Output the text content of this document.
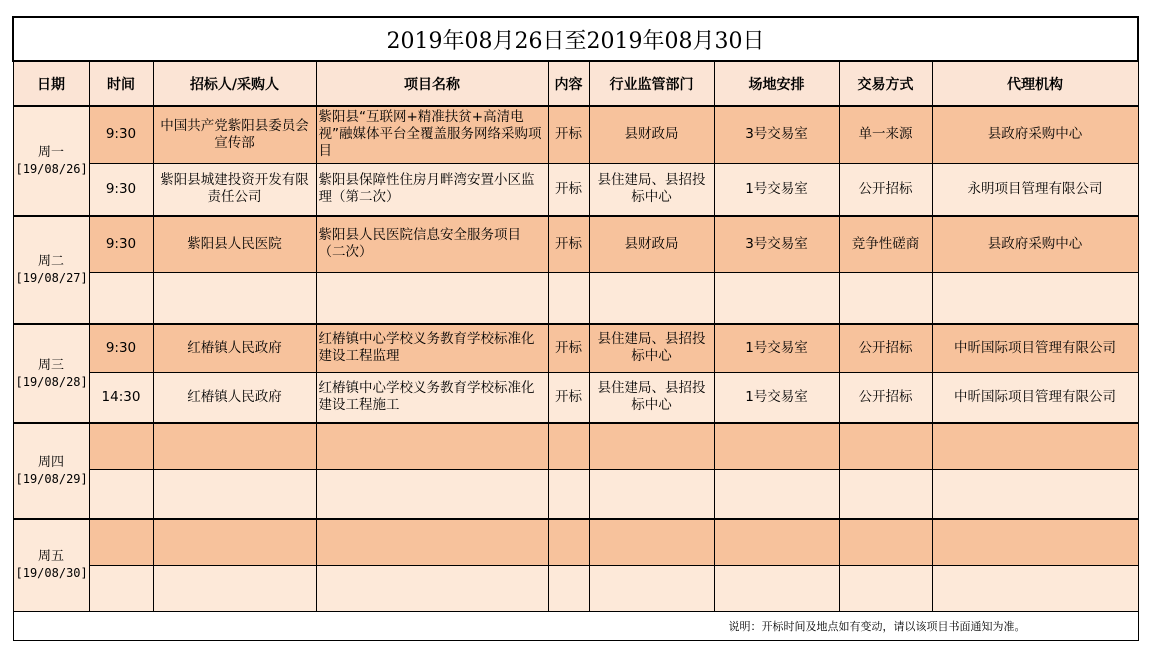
2019年08月26日至2019年08月30日								
日期	时间	招标人/采购人	项目名称	内容	行业监管部门	场地安排	交易方式	代理机构

周一
[19/08/26]	9:30	中国共产党紫阳县委员会宣传部	紫阳县“互联网+精准扶贫+高清电视”融媒体平台全覆盖服务网络采购项目	开标	县财政局	3号交易室	单一来源	县政府采购中心
	9:30	紫阳县城建投资开发有限责任公司	紫阳县保障性住房月畔湾安置小区监理（第二次）	开标	县住建局、县招投标中心	1号交易室	公开招标	永明项目管理有限公司

周二
[19/08/27]	9:30	紫阳县人民医院	紫阳县人民医院信息安全服务项目（二次）	开标	县财政局	3号交易室	竞争性磋商	县政府采购中心

周三
[19/08/28]	9:30	红椿镇人民政府	红椿镇中心学校义务教育学校标准化建设工程监理	开标	县住建局、县招投标中心	1号交易室	公开招标	中昕国际项目管理有限公司
	14:30	红椿镇人民政府	红椿镇中心学校义务教育学校标准化建设工程施工	开标	县住建局、县招投标中心	1号交易室	公开招标	中昕国际项目管理有限公司

周四
[19/08/29]								

周五
[19/08/30]								

说明：开标时间及地点如有变动，请以该项目书面通知为准。								
